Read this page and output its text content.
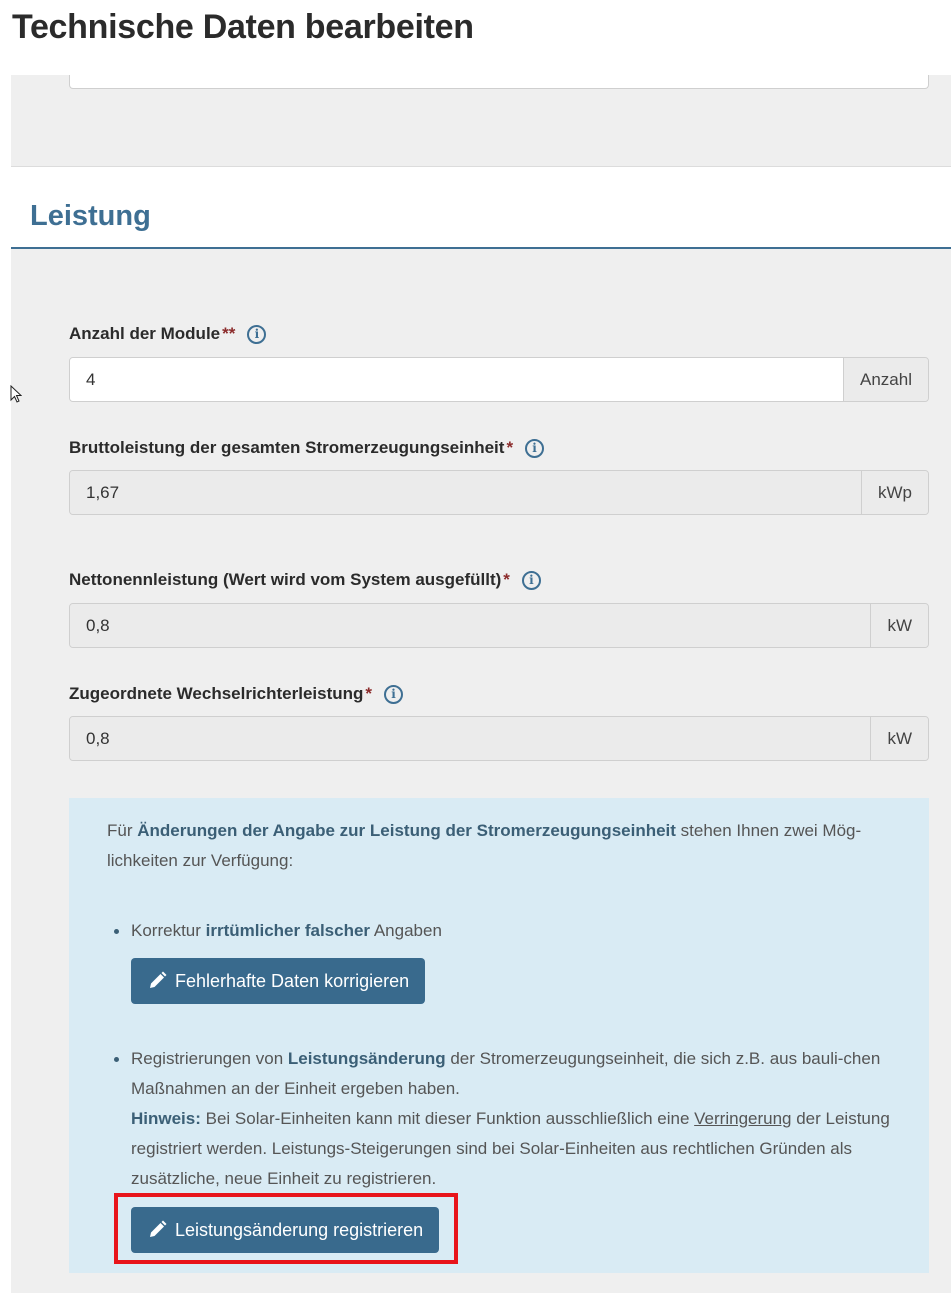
Technische Daten bearbeiten
Leistung
Anzahl der Module **	i
4	Anzahl
Bruttoleistung der gesamten Stromerzeugungseinheit *	i
1,67	kWp
Nettonennleistung (Wert wird vom System ausgefüllt) *	i
0,8	kW
Zugeordnete Wechselrichterleistung *	i
0,8	kW
Für Änderungen der Angabe zur Leistung der Stromerzeugungseinheit stehen Ihnen zwei Mög-lichkeiten zur Verfügung:
Korrektur irrtümlicher falscher Angaben
Registrierungen von Leistungsänderung der Stromerzeugungseinheit, die sich z.B. aus bauli-chen Maßnahmen an der Einheit ergeben haben.
Hinweis: Bei Solar-Einheiten kann mit dieser Funktion ausschließlich eine Verringerung der Leistung registriert werden. Leistungs-Steigerungen sind bei Solar-Einheiten aus rechtlichen Gründen als zusätzliche, neue Einheit zu registrieren.
Fehlerhafte Daten korrigieren
Leistungsänderung registrieren
